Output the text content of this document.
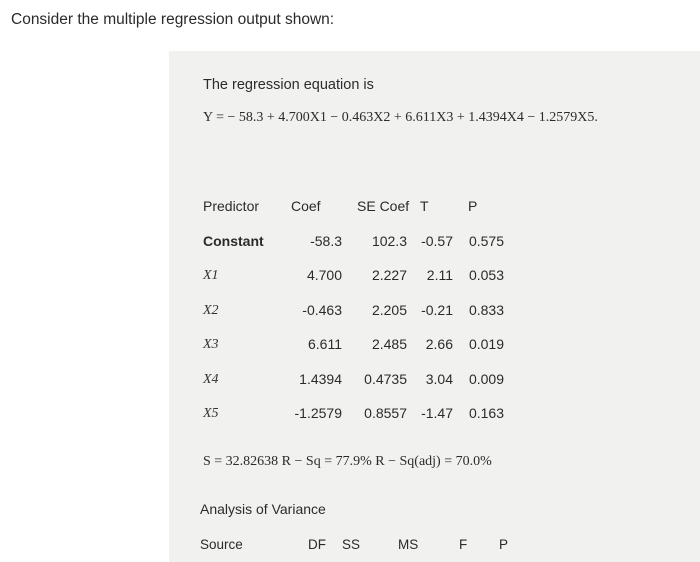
Consider the multiple regression output shown:
The regression equation is
Y = − 58.3 + 4.700X1 − 0.463X2 + 6.611X3 + 1.4394X4 − 1.2579X5.
Predictor Coef	SE Coef T	P
Constant	-58.3	102.3	-0.57	0.575
X1	4.700	2.227	2.11	0.053
X2	-0.463	2.205	-0.21	0.833
X3	6.611	2.485	2.66	0.019
X4	1.4394	0.4735	3.04	0.009
X5	-1.2579	0.8557	-1.47	0.163
S = 32.82638 R − Sq = 77.9% R − Sq(adj) = 70.0%
Analysis of Variance
Source	DF SS	MS	F P
